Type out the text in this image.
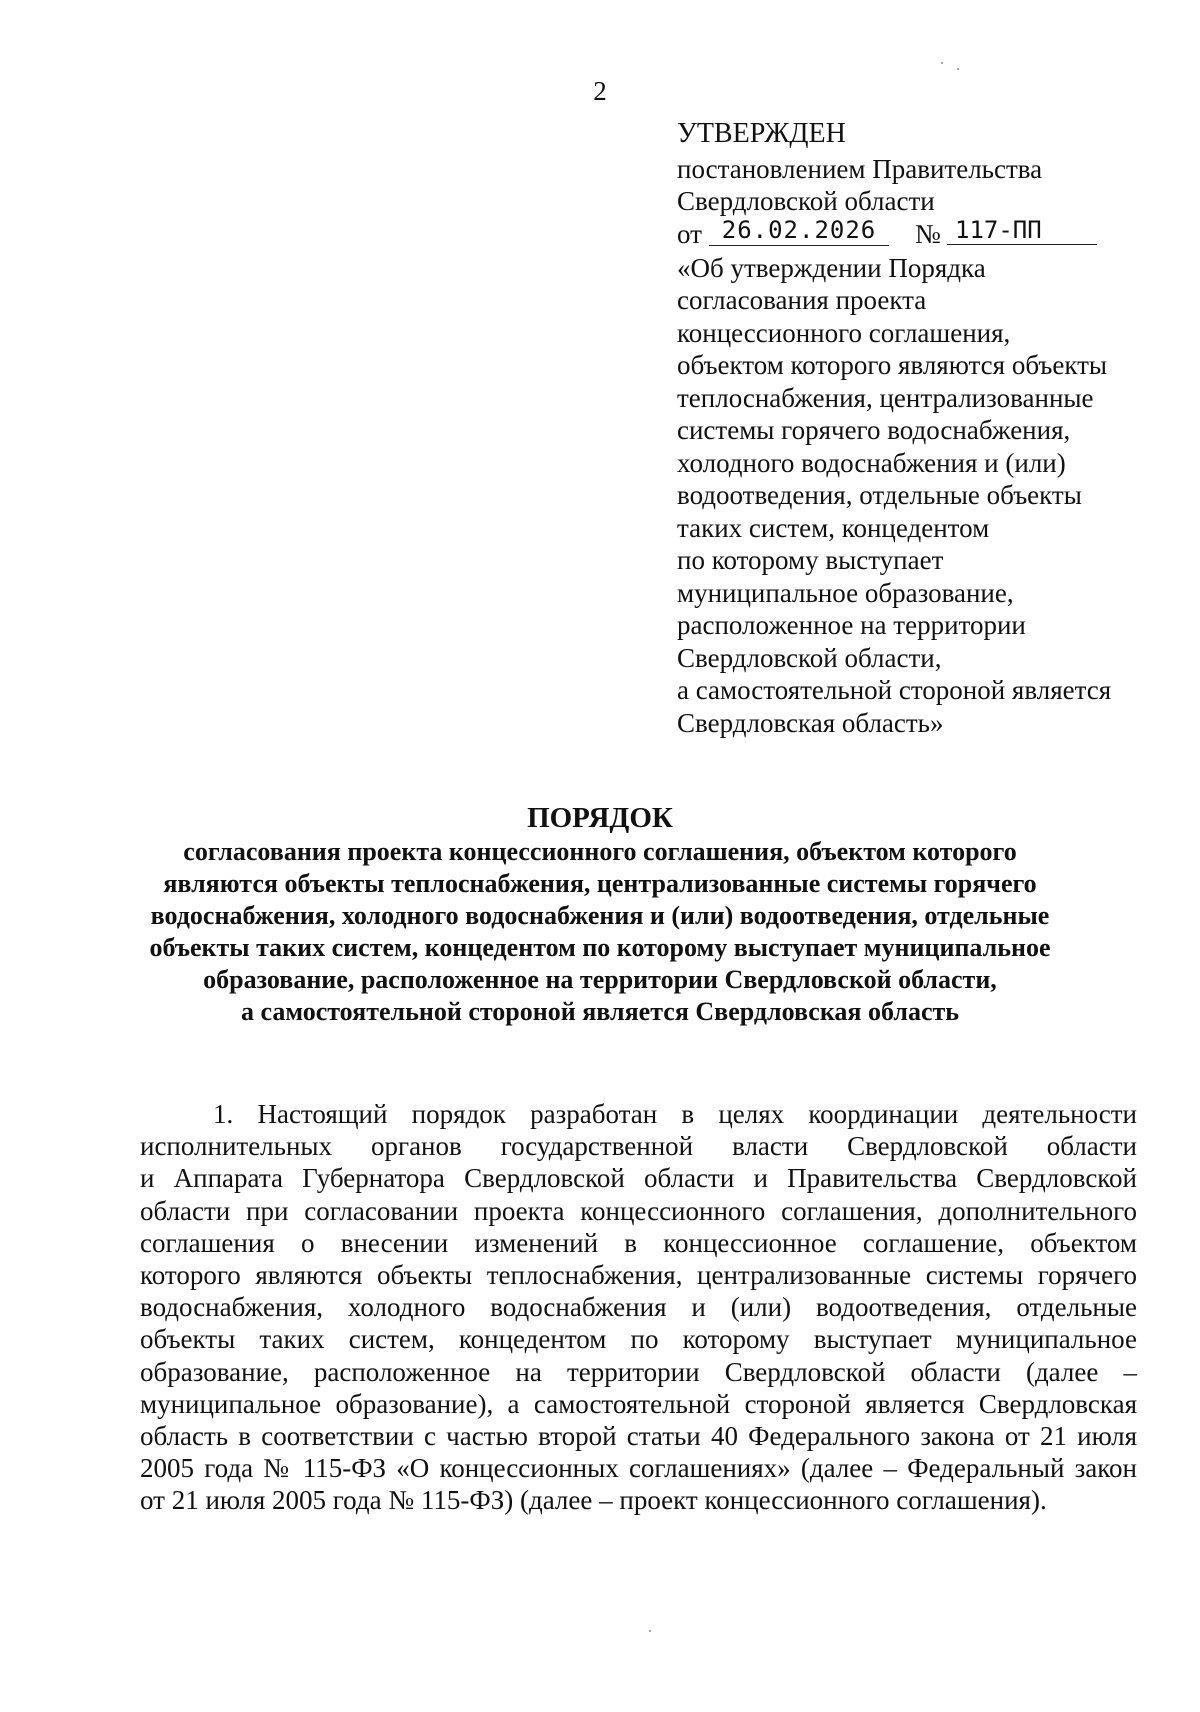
2
УТВЕРЖДЕН
постановлением Правительства
Свердловской области
от 26.02.2026	№ 117-ПП
«Об утверждении Порядка
согласования проекта
концессионного соглашения,
объектом которого являются объекты
теплоснабжения, централизованные
системы горячего водоснабжения,
холодного водоснабжения и (или)
водоотведения, отдельные объекты
таких систем, концедентом
по которому выступает
муниципальное образование,
расположенное на территории
Свердловской области,
а самостоятельной стороной является
Свердловская область»
ПОРЯДОК
согласования проекта концессионного соглашения, объектом которого
являются объекты теплоснабжения, централизованные системы горячего
водоснабжения, холодного водоснабжения и (или) водоотведения, отдельные
объекты таких систем, концедентом по которому выступает муниципальное
образование, расположенное на территории Свердловской области,
а самостоятельной стороной является Свердловская область
1. Настоящий порядок разработан в целях координации деятельности
исполнительных органов государственной власти Свердловской области
и Аппарата Губернатора Свердловской области и Правительства Свердловской
области при согласовании проекта концессионного соглашения, дополнительного
соглашения о внесении изменений в концессионное соглашение, объектом
которого являются объекты теплоснабжения, централизованные системы горячего
водоснабжения, холодного водоснабжения и (или) водоотведения, отдельные
объекты таких систем, концедентом по которому выступает муниципальное
образование, расположенное на территории Свердловской области (далее –
муниципальное образование), а самостоятельной стороной является Свердловская
область в соответствии с частью второй статьи 40 Федерального закона от 21 июля
2005 года № 115-ФЗ «О концессионных соглашениях» (далее – Федеральный закон
от 21 июля 2005 года № 115-ФЗ) (далее – проект концессионного соглашения).
